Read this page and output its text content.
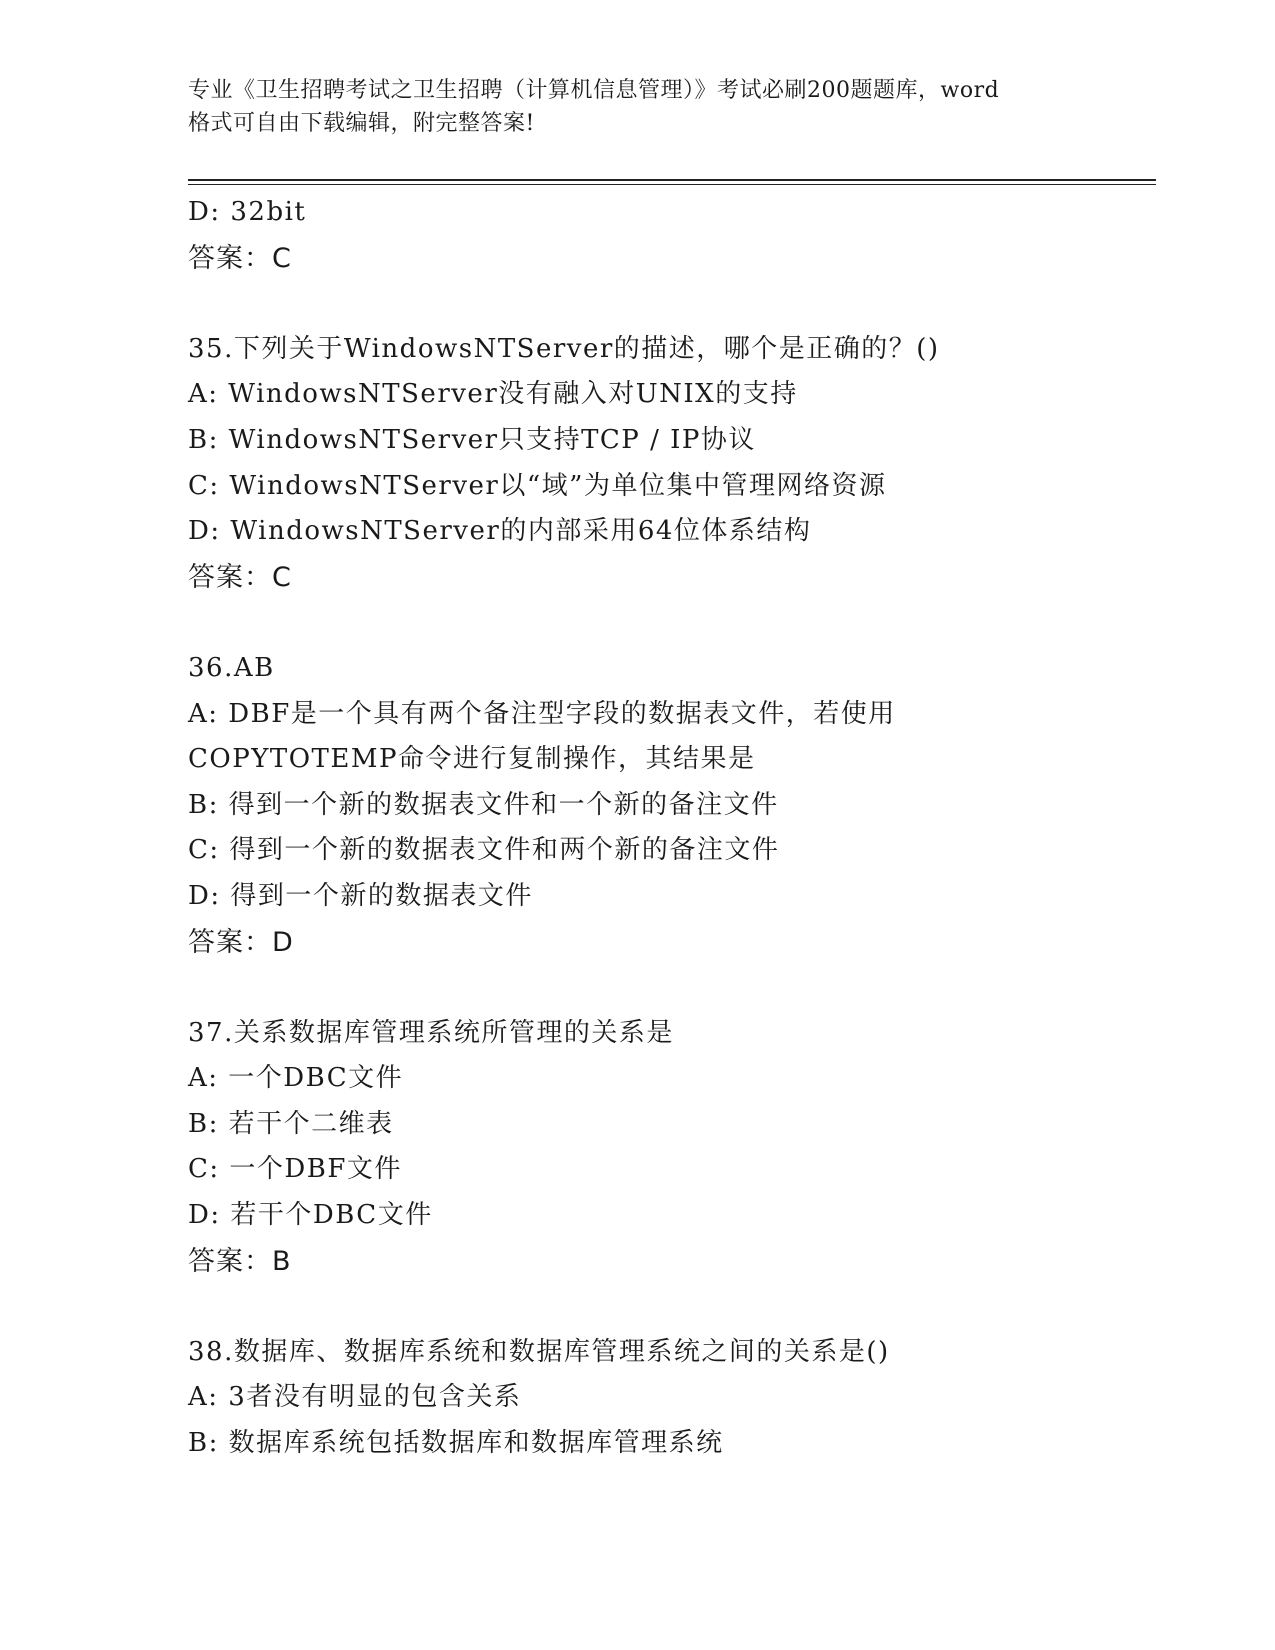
专业《卫生招聘考试之卫生招聘（计算机信息管理）》考试必刷200题题库，word
格式可自由下载编辑，附完整答案!
D: 32bit
答案：C
35.下列关于WindowsNTServer的描述，哪个是正确的？()
A: WindowsNTServer没有融入对UNIX的支持
B: WindowsNTServer只支持TCP / IP协议
C: WindowsNTServer以“域”为单位集中管理网络资源
D: WindowsNTServer的内部采用64位体系结构
答案：C
36.AB
A: DBF是一个具有两个备注型字段的数据表文件，若使用COPYTOTEMP命令进行复制操作，其结果是
B: 得到一个新的数据表文件和一个新的备注文件
C: 得到一个新的数据表文件和两个新的备注文件
D: 得到一个新的数据表文件
答案：D
37.关系数据库管理系统所管理的关系是
A: 一个DBC文件
B: 若干个二维表
C: 一个DBF文件
D: 若干个DBC文件
答案：B
38.数据库、数据库系统和数据库管理系统之间的关系是()
A: 3者没有明显的包含关系
B: 数据库系统包括数据库和数据库管理系统
